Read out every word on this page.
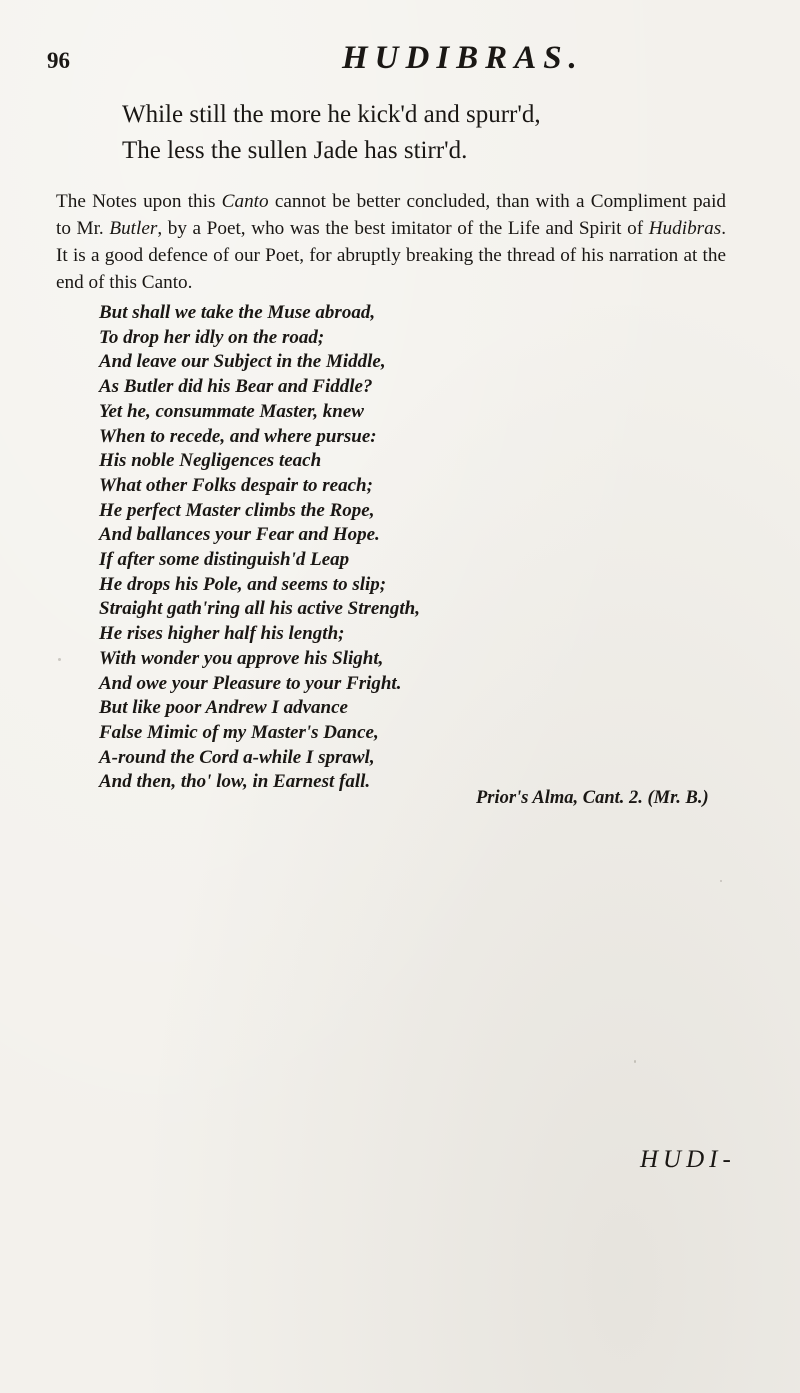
96	HUDIBRAS.
While still the more he kick'd and spurr'd,
The less the sullen Jade has stirr'd.
The Notes upon this Canto cannot be better concluded, than with a Compliment paid to Mr. Butler, by a Poet, who was the best imitator of the Life and Spirit of Hudibras. It is a good defence of our Poet, for abruptly breaking the thread of his narration at the end of this Canto.
But shall we take the Muse abroad,
To drop her idly on the road;
And leave our Subject in the Middle,
As Butler did his Bear and Fiddle?
Yet he, consummate Master, knew
When to recede, and where pursue:
His noble Negligences teach
What other Folks despair to reach;
He perfect Master climbs the Rope,
And ballances your Fear and Hope.
If after some distinguish'd Leap
He drops his Pole, and seems to slip;
Straight gath'ring all his active Strength,
He rises higher half his length;
With wonder you approve his Slight,
And owe your Pleasure to your Fright.
But like poor Andrew I advance
False Mimic of my Master's Dance,
A-round the Cord a-while I sprawl,
And then, tho' low, in Earnest fall.
Prior's Alma, Cant. 2. (Mr. B.)
HUDI-
